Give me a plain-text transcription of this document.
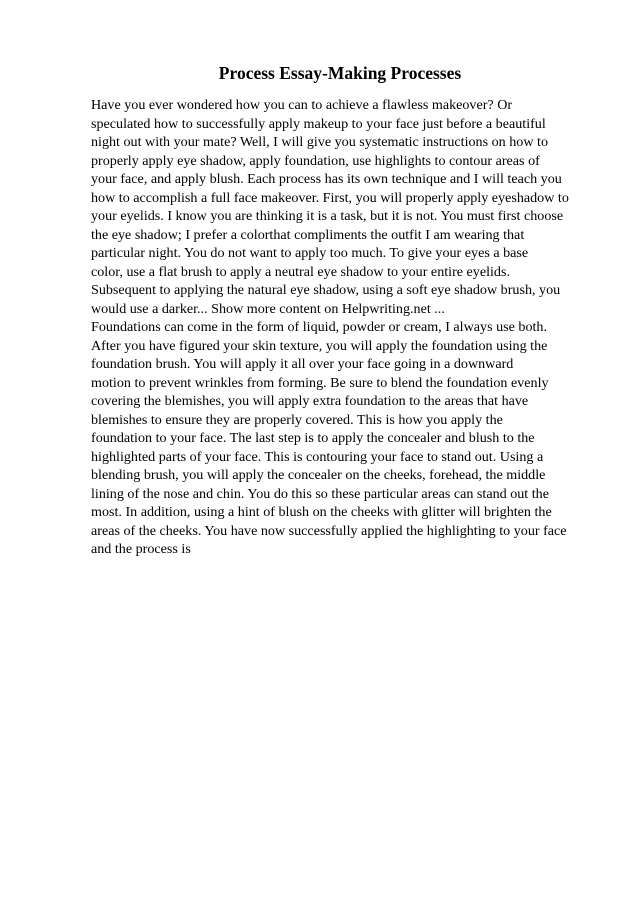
Process Essay-Making Processes
Have you ever wondered how you can to achieve a flawless makeover? Or
speculated how to successfully apply makeup to your face just before a beautiful
night out with your mate? Well, I will give you systematic instructions on how to
properly apply eye shadow, apply foundation, use highlights to contour areas of
your face, and apply blush. Each process has its own technique and I will teach you
how to accomplish a full face makeover. First, you will properly apply eyeshadow to
your eyelids. I know you are thinking it is a task, but it is not. You must first choose
the eye shadow; I prefer a colorthat compliments the outfit I am wearing that
particular night. You do not want to apply too much. To give your eyes a base
color, use a flat brush to apply a neutral eye shadow to your entire eyelids.
Subsequent to applying the natural eye shadow, using a soft eye shadow brush, you
would use a darker... Show more content on Helpwriting.net ...
Foundations can come in the form of liquid, powder or cream, I always use both.
After you have figured your skin texture, you will apply the foundation using the
foundation brush. You will apply it all over your face going in a downward
motion to prevent wrinkles from forming. Be sure to blend the foundation evenly
covering the blemishes, you will apply extra foundation to the areas that have
blemishes to ensure they are properly covered. This is how you apply the
foundation to your face. The last step is to apply the concealer and blush to the
highlighted parts of your face. This is contouring your face to stand out. Using a
blending brush, you will apply the concealer on the cheeks, forehead, the middle
lining of the nose and chin. You do this so these particular areas can stand out the
most. In addition, using a hint of blush on the cheeks with glitter will brighten the
areas of the cheeks. You have now successfully applied the highlighting to your face
and the process is
